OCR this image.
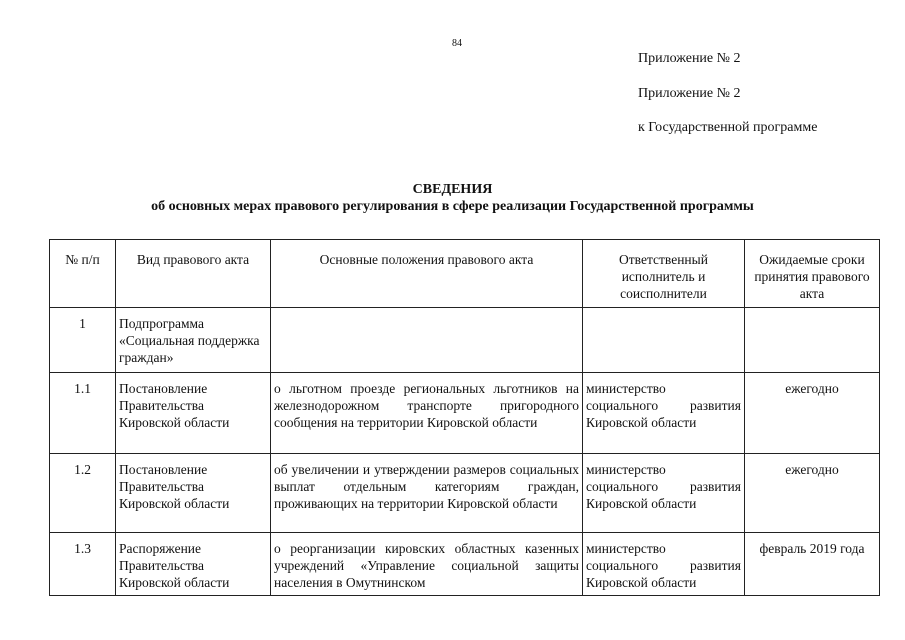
84
Приложение № 2
Приложение № 2
к Государственной программе
СВЕДЕНИЯ
об основных мерах правового регулирования в сфере реализации Государственной программы
№ п/п	Вид правового акта	Основные положения правового акта	Ответственный исполнитель и соисполнители	Ожидаемые сроки принятия правового акта
1	Подпрограмма «Социальная поддержка граждан»			
1.1	Постановление Правительства Кировской области	о льготном проезде региональных льготников на железнодорожном транспорте пригородного сообщения на территории Кировской области	министерство социального развития Кировской области	ежегодно
1.2	Постановление Правительства Кировской области	об увеличении и утверждении размеров социальных выплат отдельным категориям граждан, проживающих на территории Кировской области	министерство социального развития Кировской области	ежегодно
1.3	Распоряжение Правительства Кировской области	о реорганизации кировских областных казенных учреждений «Управление социальной защиты населения в Омутнинском	министерство социального развития Кировской области	февраль 2019 года
